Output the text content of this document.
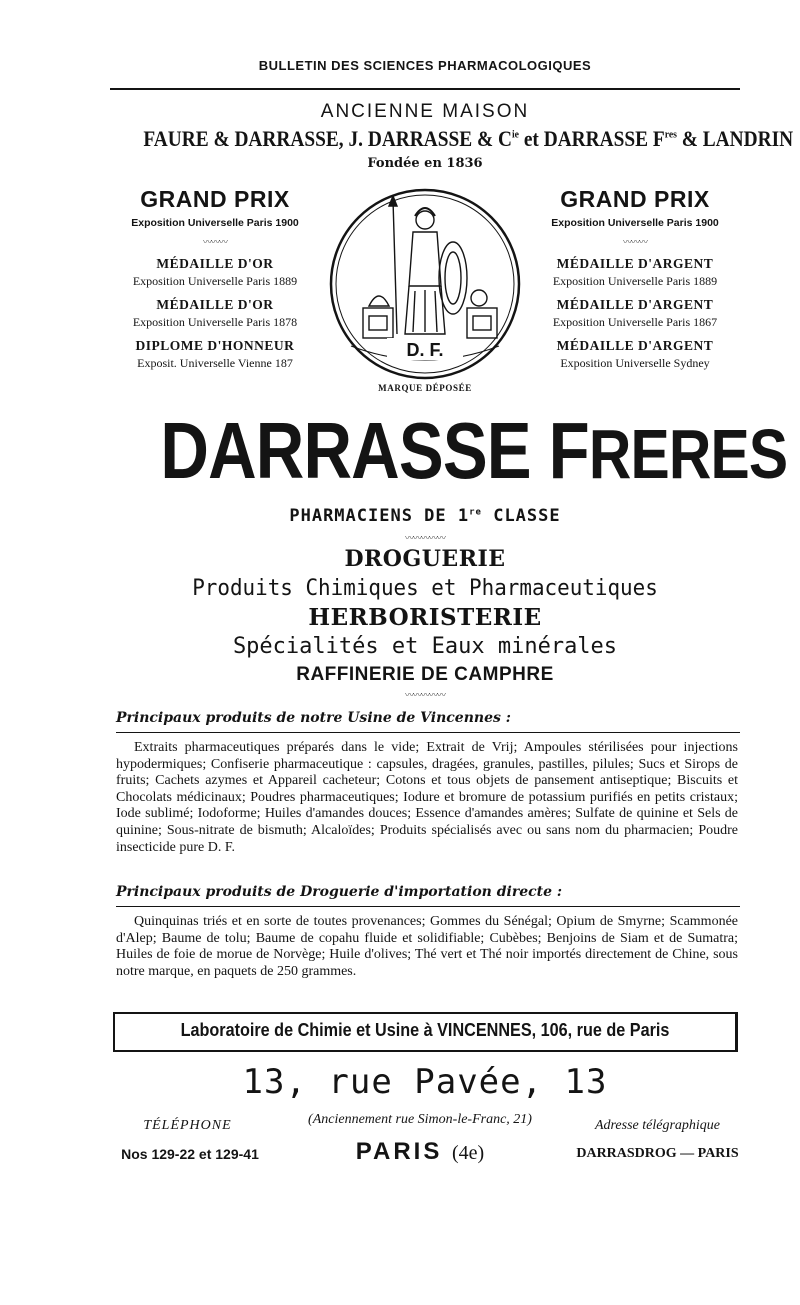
BULLETIN DES SCIENCES PHARMACOLOGIQUES
ANCIENNE MAISON
FAURE & DARRASSE, J. DARRASSE & $C^{ie}$ et DARRASSE $F^{res}$ & LANDRIN
Fondée en 1836
GRAND PRIX
Exposition Universelle Paris 1900
〰〰〰
MÉDAILLE D'OR
Exposition Universelle Paris 1889
MÉDAILLE D'OR
Exposition Universelle Paris 1878
DIPLOME D'HONNEUR
Exposit. Universelle Vienne 187
D. F.
MARQUE DÉPOSÉE
GRAND PRIX
Exposition Universelle Paris 1900
〰〰〰
MÉDAILLE D'ARGENT
Exposition Universelle Paris 1889
MÉDAILLE D'ARGENT
Exposition Universelle Paris 1867
MÉDAILLE D'ARGENT
Exposition Universelle Sydney
DARRASSE FRERES
PHARMACIENS DE 1re CLASSE
〰〰〰〰〰
DROGUERIE
Produits Chimiques et Pharmaceutiques
HERBORISTERIE
Spécialités et Eaux minérales
RAFFINERIE DE CAMPHRE
〰〰〰〰〰
Principaux produits de notre Usine de Vincennes :
Extraits pharmaceutiques préparés dans le vide; Extrait de Vrij; Ampoules stérilisées pour injections hypodermiques; Confiserie pharmaceutique : capsules, dragées, granules, pastilles, pilules; Sucs et Sirops de fruits; Cachets azymes et Appareil cacheteur; Cotons et tous objets de pansement antiseptique; Biscuits et Chocolats médicinaux; Poudres pharmaceutiques; Iodure et bromure de potassium purifiés en petits cristaux; Iode sublimé; Iodoforme; Huiles d'amandes douces; Essence d'amandes amères; Sulfate de quinine et Sels de quinine; Sous-nitrate de bismuth; Alcaloïdes; Produits spécialisés avec ou sans nom du pharmacien; Poudre insecticide pure D. F.
Principaux produits de Droguerie d'importation directe :
Quinquinas triés et en sorte de toutes provenances; Gommes du Sénégal; Opium de Smyrne; Scammonée d'Alep; Baume de tolu; Baume de copahu fluide et solidifiable; Cubèbes; Benjoins de Siam et de Sumatra; Huiles de foie de morue de Norvège; Huile d'olives; Thé vert et Thé noir importés directement de Chine, sous notre marque, en paquets de 250 grammes.
Laboratoire de Chimie et Usine à VINCENNES, 106, rue de Paris
13, rue Pavée, 13
TÉLÉPHONE	(Anciennement rue Simon-le-Franc, 21)	Adresse télégraphique
Nos 129-22 et 129-41	PARIS (4e)	DARRASDROG — PARIS
